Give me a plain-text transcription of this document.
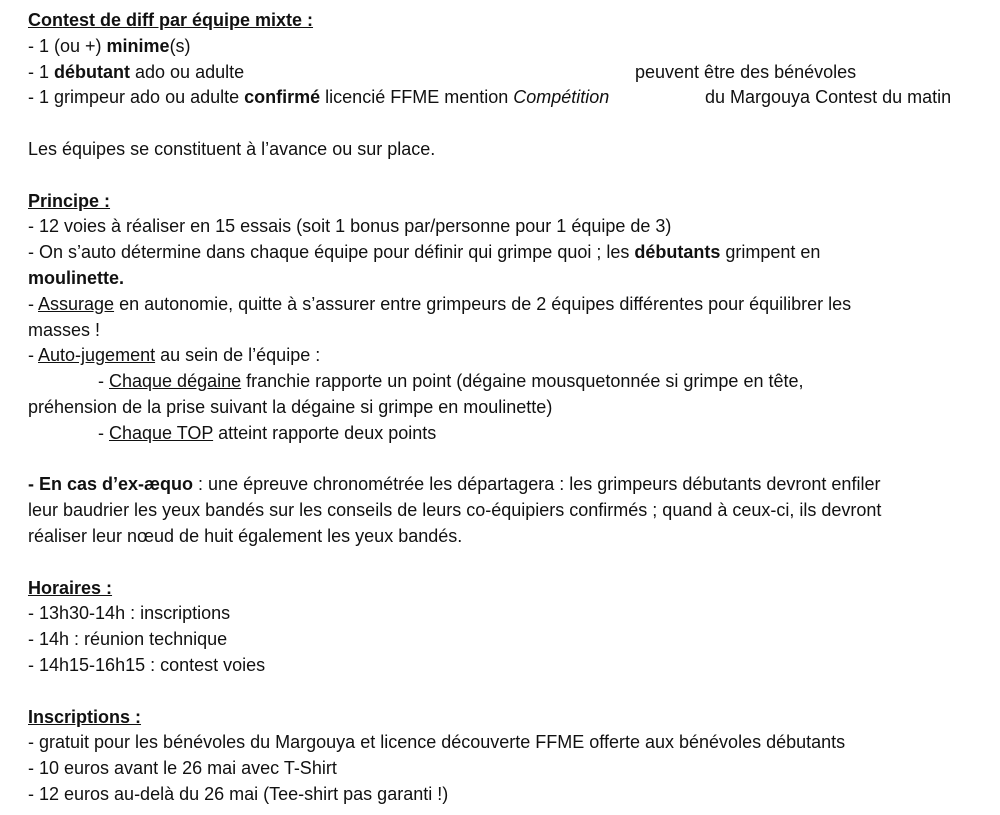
Contest de diff par équipe mixte :
- 1 (ou +) minime(s)
- 1 débutant ado ou adulte	peuvent être des bénévoles
- 1 grimpeur ado ou adulte confirmé licencié FFME mention Compétition	du Margouya Contest du matin
Les équipes se constituent à l’avance ou sur place.
Principe :
- 12 voies à réaliser en 15 essais (soit 1 bonus par/personne pour 1 équipe de 3)
- On s’auto détermine dans chaque équipe pour définir qui grimpe quoi ; les débutants grimpent en
moulinette.
- Assurage en autonomie, quitte à s’assurer entre grimpeurs de 2 équipes différentes pour équilibrer les
masses !
- Auto-jugement au sein de l’équipe :
- Chaque dégaine franchie rapporte un point (dégaine mousquetonnée si grimpe en tête,
préhension de la prise suivant la dégaine si grimpe en moulinette)
- Chaque TOP atteint rapporte deux points
- En cas d’ex-æquo : une épreuve chronométrée les départagera : les grimpeurs débutants devront enfiler
leur baudrier les yeux bandés sur les conseils de leurs co-équipiers confirmés ; quand à ceux-ci, ils devront
réaliser leur nœud de huit également les yeux bandés.
Horaires :
- 13h30-14h : inscriptions
- 14h : réunion technique
- 14h15-16h15 : contest voies
Inscriptions :
- gratuit pour les bénévoles du Margouya et licence découverte FFME offerte aux bénévoles débutants
- 10 euros avant le 26 mai avec T-Shirt
- 12 euros au-delà du 26 mai (Tee-shirt pas garanti !)
